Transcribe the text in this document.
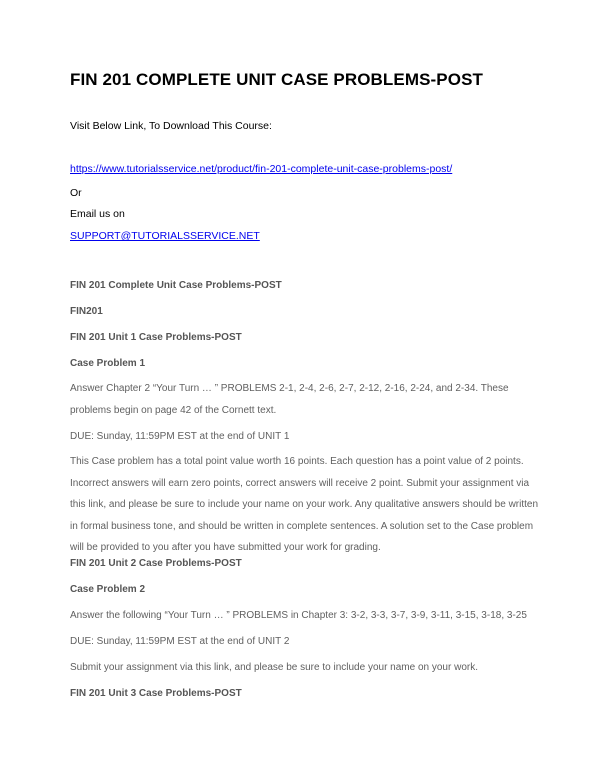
FIN 201 COMPLETE UNIT CASE PROBLEMS-POST
Visit Below Link, To Download This Course:
https://www.tutorialsservice.net/product/fin-201-complete-unit-case-problems-post/
Or
Email us on
SUPPORT@TUTORIALSSERVICE.NET
FIN 201 Complete Unit Case Problems-POST
FIN201
FIN 201 Unit 1 Case Problems-POST
Case Problem 1

Answer Chapter 2 “Your Turn … ” PROBLEMS 2-1, 2-4, 2-6, 2-7, 2-12, 2-16, 2-24, and 2-34. These problems begin on page 42 of the Cornett text.

DUE: Sunday, 11:59PM EST at the end of UNIT 1

This Case problem has a total point value worth 16 points. Each question has a point value of 2 points. Incorrect answers will earn zero points, correct answers will receive 2 point. Submit your assignment via this link, and please be sure to include your name on your work. Any qualitative answers should be written in formal business tone, and should be written in complete sentences. A solution set to the Case problem will be provided to you after you have submitted your work for grading.

FIN 201 Unit 2 Case Problems-POST
Case Problem 2
Answer the following “Your Turn … ” PROBLEMS in Chapter 3: 3-2, 3-3, 3-7, 3-9, 3-11, 3-15, 3-18, 3-25
DUE: Sunday, 11:59PM EST at the end of UNIT 2
Submit your assignment via this link, and please be sure to include your name on your work.
FIN 201 Unit 3 Case Problems-POST
